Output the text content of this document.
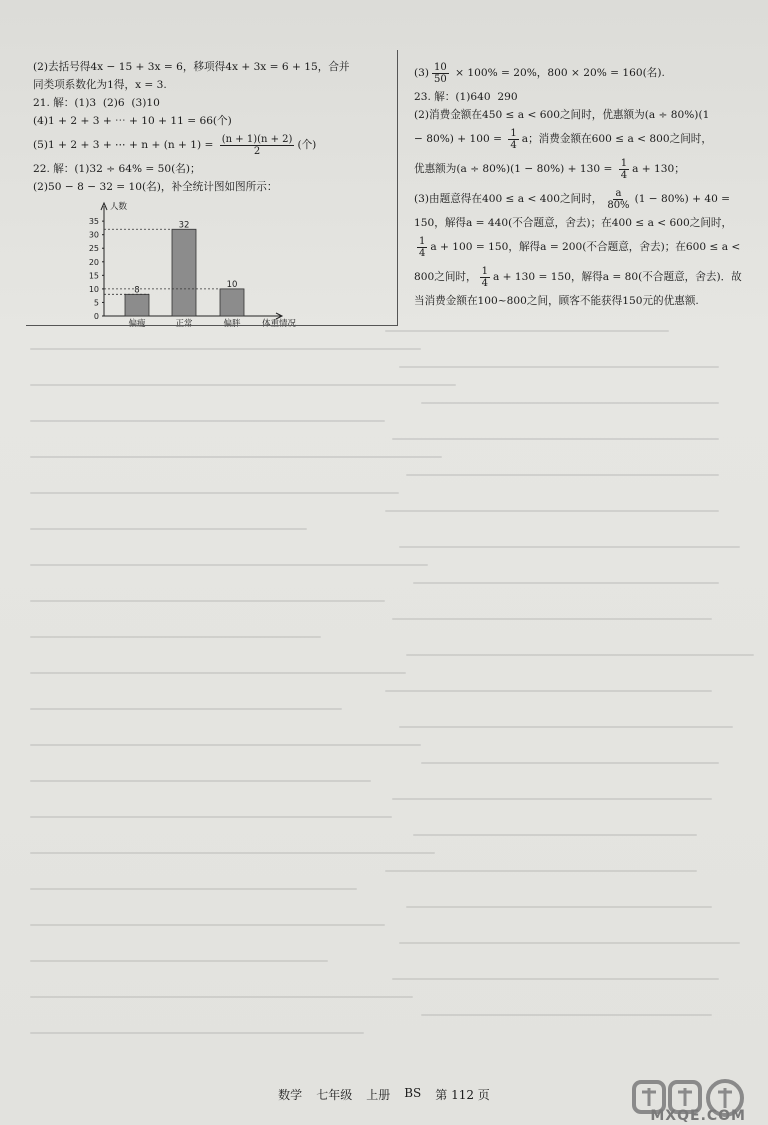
(2)去括号得4x − 15 + 3x = 6，移项得4x + 3x = 6 + 15，合并
同类项系数化为1得，x = 3.
21. 解：(1)3  (2)6  (3)10
(4)1 + 2 + 3 + ⋯ + 10 + 11 = 66(个)
(5)1 + 2 + 3 + ⋯ + $n + (n + 1) = \frac{(n + 1)(n + 2)}{2}$ (个)
22. 解：(1)32 ÷ 64% = 50(名)；
(2)50 − 8 − 32 = 10(名)，补全统计图如图所示：
人数
体重情况
0
5
10
15
20
25
30
35
8
偏瘦
32
正常
10
偏胖
$(3) \frac{10}{50} \times 100\% = 20\%$，800 × 20% = 160(名).
23. 解：(1)640  290
(2)消费金额在450 ≤ a < 600之间时，优惠额为(a ÷ 80%)(1
− $80\%) + 100 = \frac{1}{4}$ a；消费金额在600 ≤ a < 800之间时，
优惠额为$(a \div 80\%)(1 - 80\%) + 130 = \frac{1}{4}$ a + 130；
(3)由题意得在400 ≤ a < 400之间时， $\frac{a}{80\%} (1 - 80\%) + 40$ =
150，解得a = 440(不合题意，舍去)；在400 ≤ a < 600之间时，
$\frac{1}{4}$ a + 100 = 150，解得a = 200(不合题意，舍去)；在600 ≤ a <
800之间时， $\frac{1}{4}$ a + 130 = 150，解得a = 80(不合题意，舍去)．故
当消费金额在100~800之间，顾客不能获得150元的优惠额.
数学 七年级 上册 BS 第 112 页
MXQE.COM
